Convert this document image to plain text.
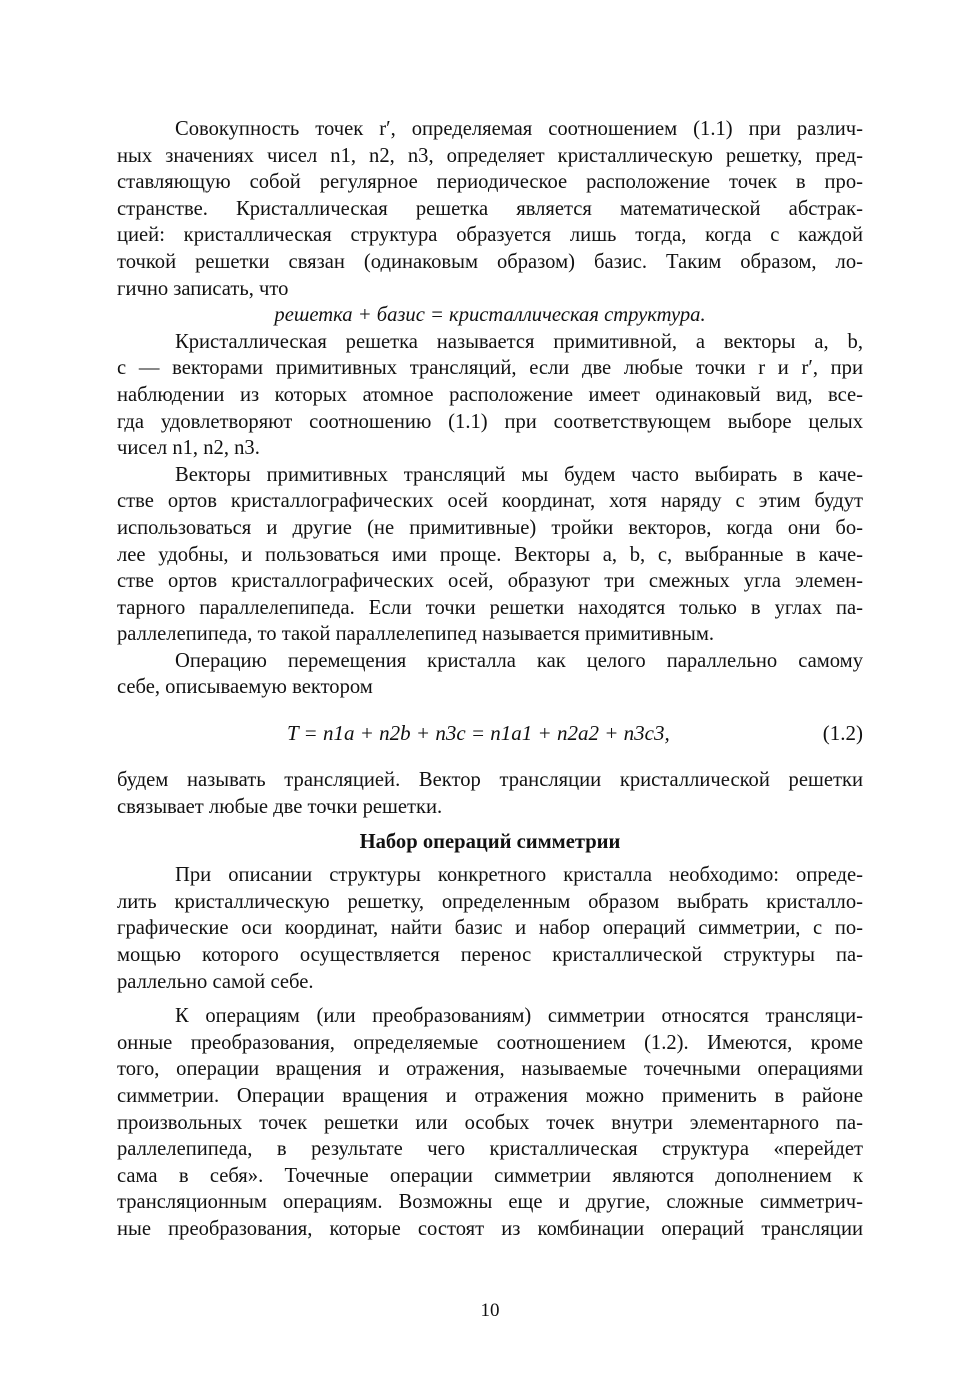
Совокупность точек r′, определяемая соотношением (1.1) при различ-
ных значениях чисел n1, n2, n3, определяет кристаллическую решетку, пред-
ставляющую собой регулярное периодическое расположение точек в про-
странстве. Кристаллическая решетка является математической абстрак-
цией: кристаллическая структура образуется лишь тогда, когда с каждой
точкой решетки связан (одинаковым образом) базис. Таким образом, ло-
гично записать, что
решетка + базис = кристаллическая структура.
Кристаллическая решетка называется примитивной, а векторы a, b,
c — векторами примитивных трансляций, если две любые точки r и r′, при
наблюдении из которых атомное расположение имеет одинаковый вид, все-
гда удовлетворяют соотношению (1.1) при соответствующем выборе целых
чисел n1, n2, n3.
Векторы примитивных трансляций мы будем часто выбирать в каче-
стве ортов кристаллографических осей координат, хотя наряду с этим будут
использоваться и другие (не примитивные) тройки векторов, когда они бо-
лее удобны, и пользоваться ими проще. Векторы a, b, c, выбранные в каче-
стве ортов кристаллографических осей, образуют три смежных угла элемен-
тарного параллелепипеда. Если точки решетки находятся только в углах па-
раллелепипеда, то такой параллелепипед называется примитивным.
Операцию перемещения кристалла как целого параллельно самому
себе, описываемую вектором
T = n1a + n2b + n3c = n1a1 + n2a2 + n3c3,	(1.2)
будем называть трансляцией. Вектор трансляции кристаллической решетки
связывает любые две точки решетки.
Набор операций симметрии
При описании структуры конкретного кристалла необходимо: опреде-
лить кристаллическую решетку, определенным образом выбрать кристалло-
графические оси координат, найти базис и набор операций симметрии, с по-
мощью которого осуществляется перенос кристаллической структуры па-
раллельно самой себе.
К операциям (или преобразованиям) симметрии относятся трансляци-
онные преобразования, определяемые соотношением (1.2). Имеются, кроме
того, операции вращения и отражения, называемые точечными операциями
симметрии. Операции вращения и отражения можно применить в районе
произвольных точек решетки или особых точек внутри элементарного па-
раллелепипеда, в результате чего кристаллическая структура «перейдет
сама в себя». Точечные операции симметрии являются дополнением к
трансляционным операциям. Возможны еще и другие, сложные симметрич-
ные преобразования, которые состоят из комбинации операций трансляции
10
